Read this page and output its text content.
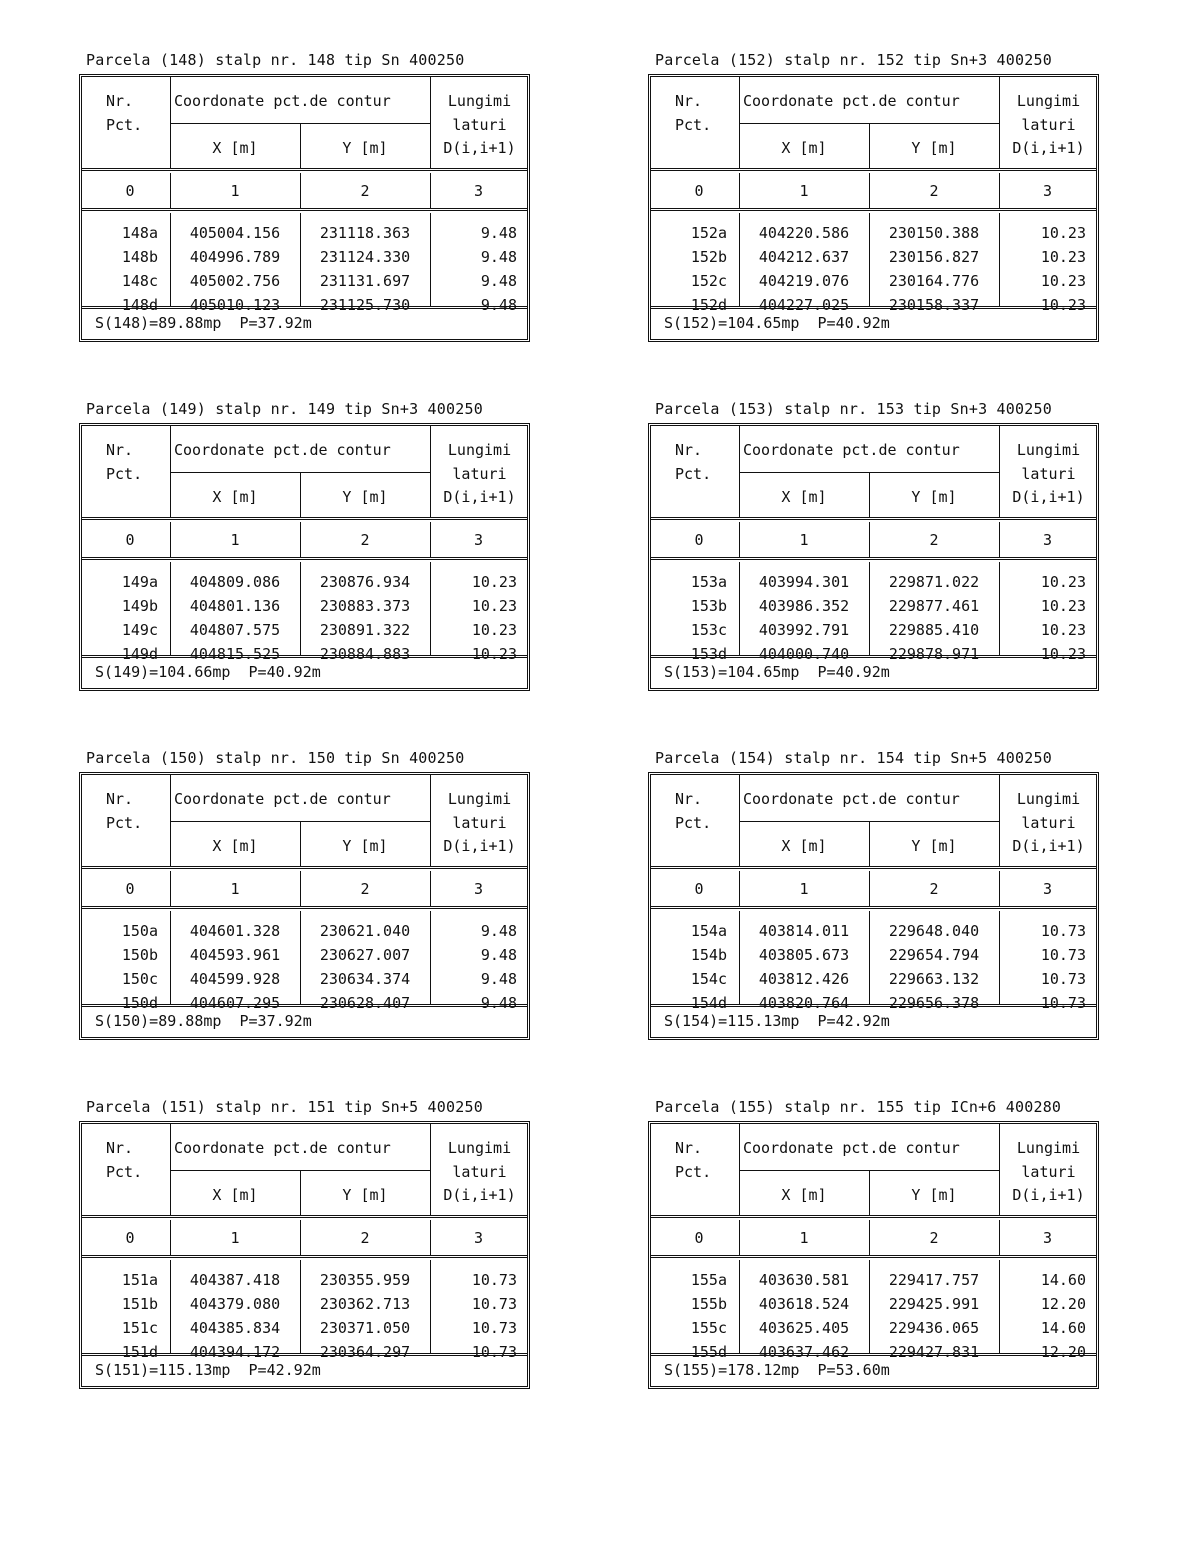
Parcela (148) stalp nr. 148 tip Sn 400250
Nr.
Pct.
Coordonate pct.de contur	Lungimi
laturi
X [m]	Y [m]	D(i,i+1)
0	1	2	3
148a	405004.156	231118.363	9.48
148b	404996.789	231124.330	9.48
148c	405002.756	231131.697	9.48
148d	405010.123	231125.730	9.48
S(148)=89.88mp  P=37.92m
Parcela (152) stalp nr. 152 tip Sn+3 400250
Nr.
Pct.
Coordonate pct.de contur	Lungimi
laturi
X [m]	Y [m]	D(i,i+1)
0	1	2	3
152a	404220.586	230150.388	10.23
152b	404212.637	230156.827	10.23
152c	404219.076	230164.776	10.23
152d	404227.025	230158.337	10.23
S(152)=104.65mp  P=40.92m
Parcela (149) stalp nr. 149 tip Sn+3 400250
Nr.
Pct.
Coordonate pct.de contur	Lungimi
laturi
X [m]	Y [m]	D(i,i+1)
0	1	2	3
149a	404809.086	230876.934	10.23
149b	404801.136	230883.373	10.23
149c	404807.575	230891.322	10.23
149d	404815.525	230884.883	10.23
S(149)=104.66mp  P=40.92m
Parcela (153) stalp nr. 153 tip Sn+3 400250
Nr.
Pct.
Coordonate pct.de contur	Lungimi
laturi
X [m]	Y [m]	D(i,i+1)
0	1	2	3
153a	403994.301	229871.022	10.23
153b	403986.352	229877.461	10.23
153c	403992.791	229885.410	10.23
153d	404000.740	229878.971	10.23
S(153)=104.65mp  P=40.92m
Parcela (150) stalp nr. 150 tip Sn 400250
Nr.
Pct.
Coordonate pct.de contur	Lungimi
laturi
X [m]	Y [m]	D(i,i+1)
0	1	2	3
150a	404601.328	230621.040	9.48
150b	404593.961	230627.007	9.48
150c	404599.928	230634.374	9.48
150d	404607.295	230628.407	9.48
S(150)=89.88mp  P=37.92m
Parcela (154) stalp nr. 154 tip Sn+5 400250
Nr.
Pct.
Coordonate pct.de contur	Lungimi
laturi
X [m]	Y [m]	D(i,i+1)
0	1	2	3
154a	403814.011	229648.040	10.73
154b	403805.673	229654.794	10.73
154c	403812.426	229663.132	10.73
154d	403820.764	229656.378	10.73
S(154)=115.13mp  P=42.92m
Parcela (151) stalp nr. 151 tip Sn+5 400250
Nr.
Pct.
Coordonate pct.de contur	Lungimi
laturi
X [m]	Y [m]	D(i,i+1)
0	1	2	3
151a	404387.418	230355.959	10.73
151b	404379.080	230362.713	10.73
151c	404385.834	230371.050	10.73
151d	404394.172	230364.297	10.73
S(151)=115.13mp  P=42.92m
Parcela (155) stalp nr. 155 tip ICn+6 400280
Nr.
Pct.
Coordonate pct.de contur	Lungimi
laturi
X [m]	Y [m]	D(i,i+1)
0	1	2	3
155a	403630.581	229417.757	14.60
155b	403618.524	229425.991	12.20
155c	403625.405	229436.065	14.60
155d	403637.462	229427.831	12.20
S(155)=178.12mp  P=53.60m
